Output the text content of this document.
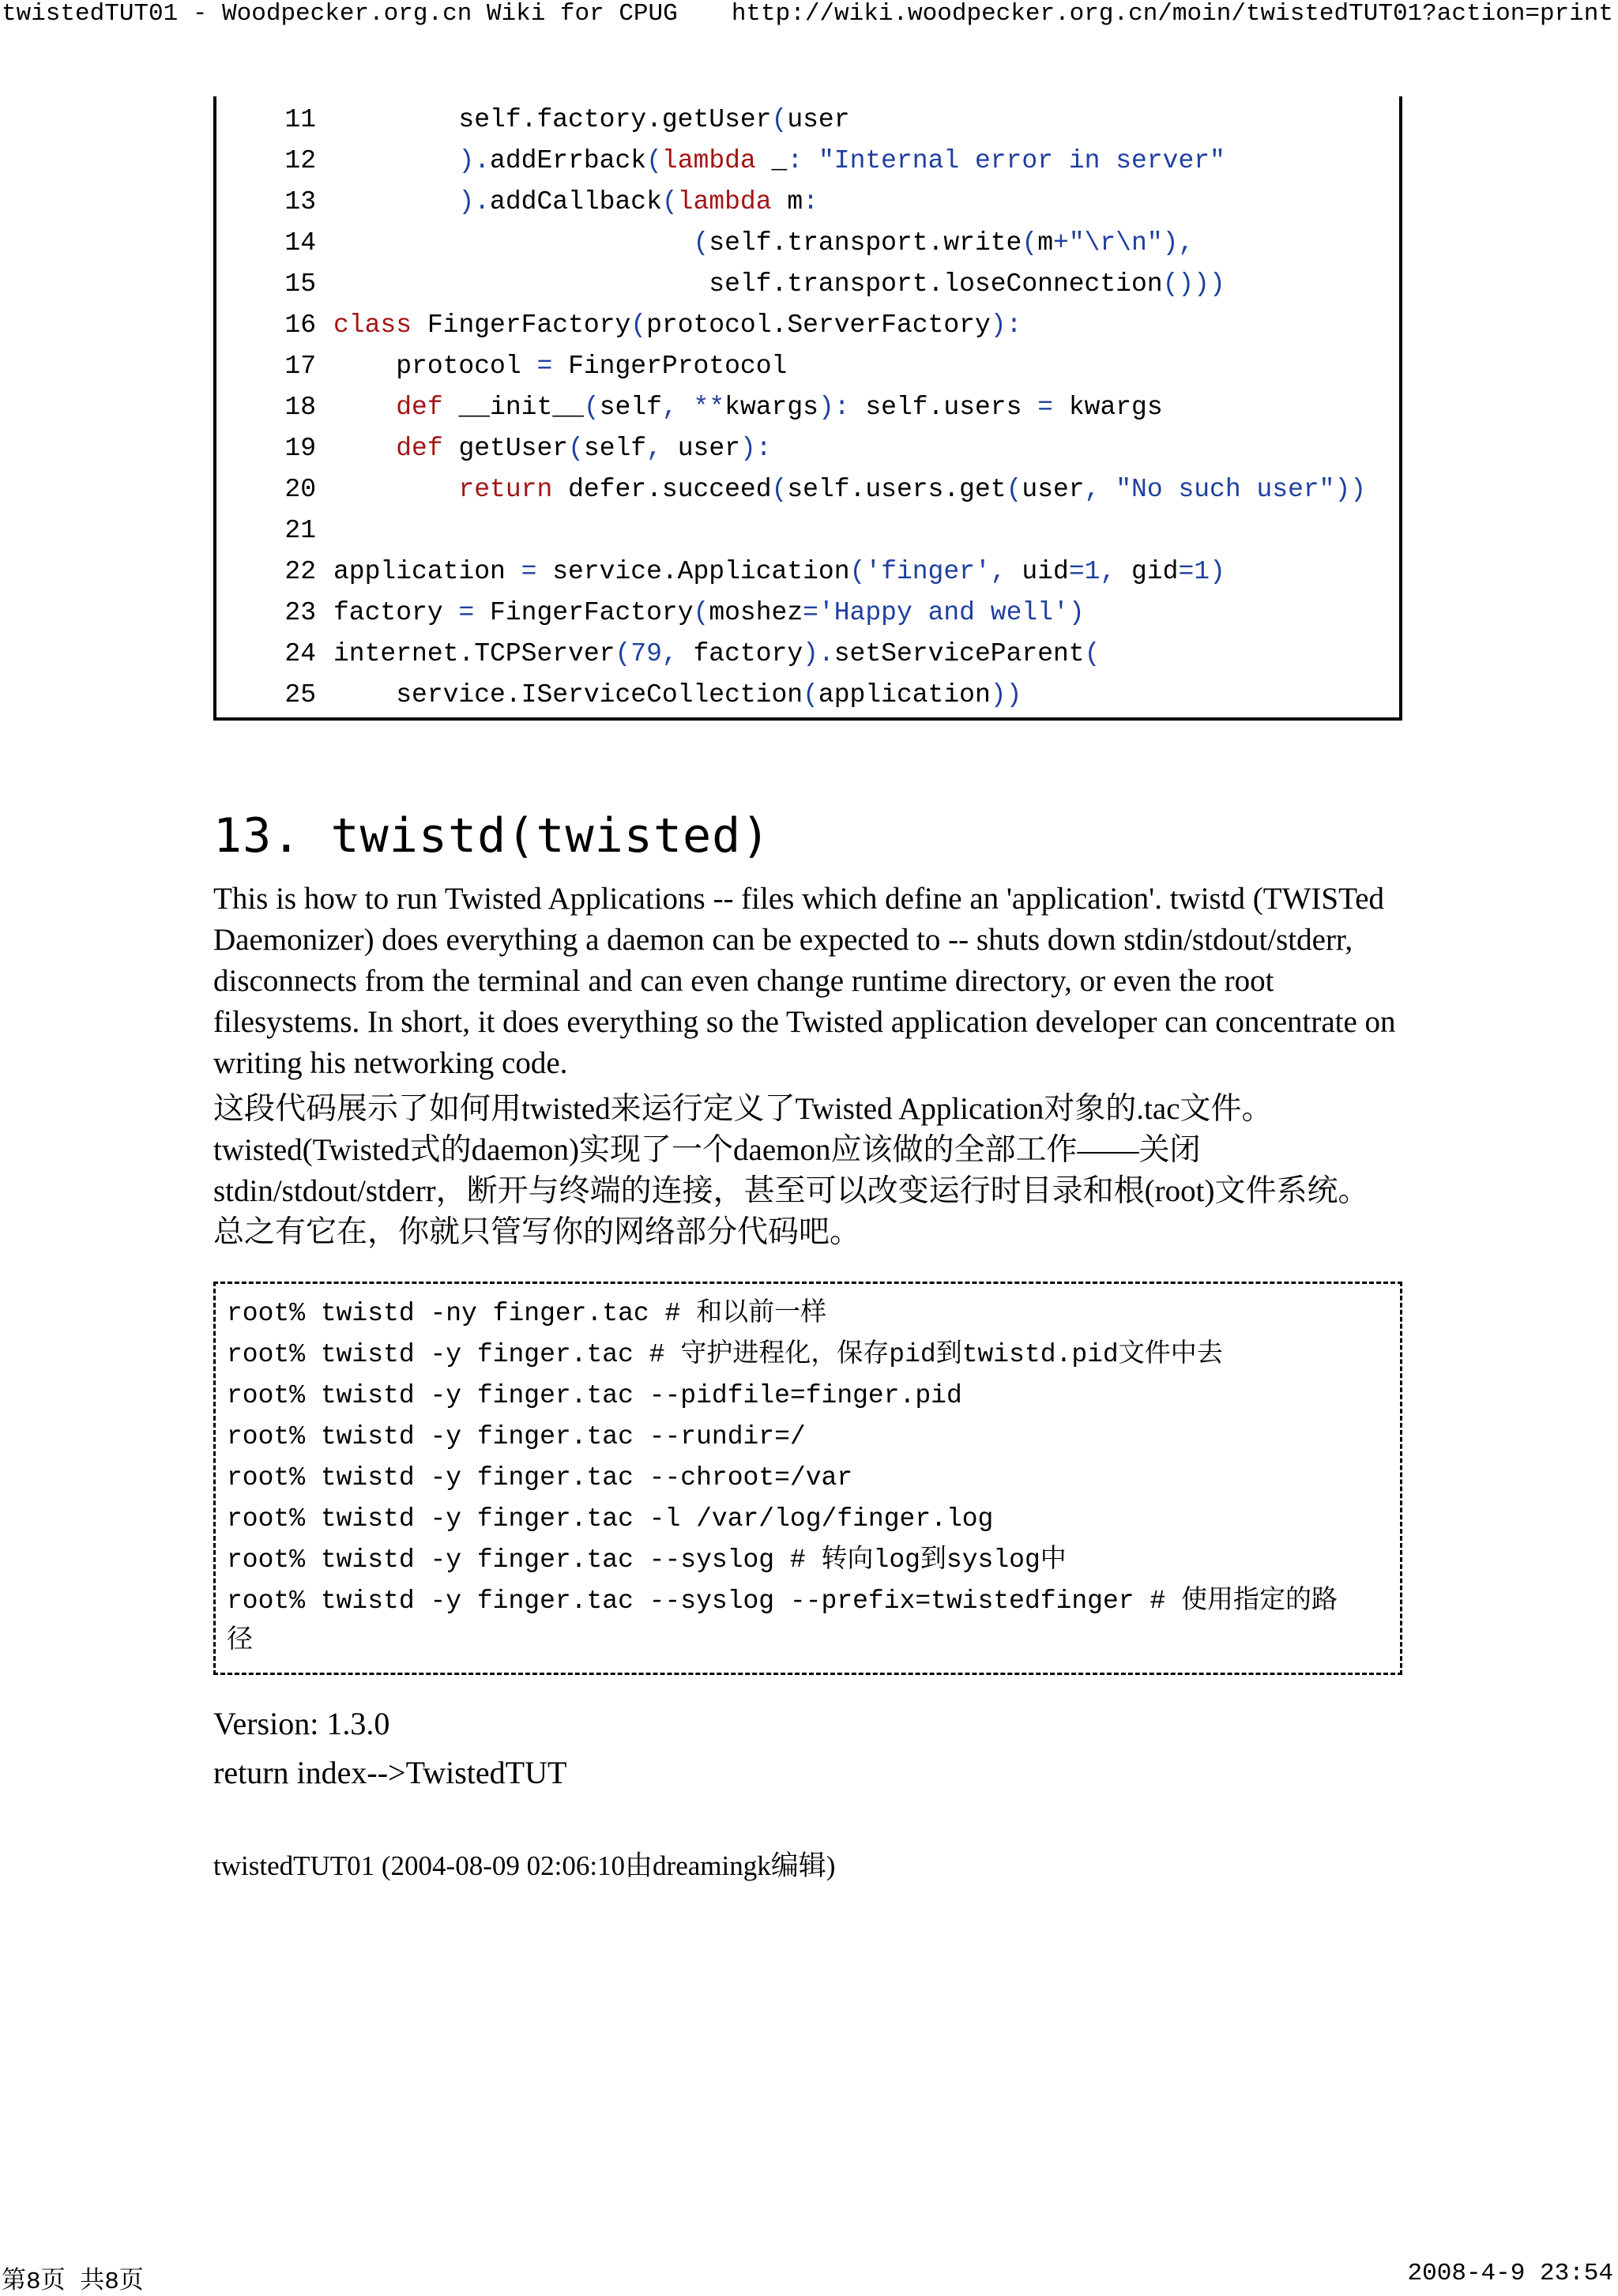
twistedTUT01 - Woodpecker.org.cn Wiki for CPUG http://wiki.woodpecker.org.cn/moin/twistedTUT01?action=print
11        self.factory.getUser(user
12	).addErrback(lambda _: "Internal error in server"
13	).addCallback(lambda m:
14	(self.transport.write(m+"\r\n"),
15                        self.transport.loseConnection()))
16 class FingerFactory(protocol.ServerFactory):
17    protocol = FingerProtocol
18	def __init__(self, **kwargs): self.users = kwargs
19	def getUser(self, user):
20	return defer.succeed(self.users.get(user, "No such user"))
21
22 application = service.Application('finger', uid=1, gid=1)
23 factory = FingerFactory(moshez='Happy and well')
24 internet.TCPServer(79, factory).setServiceParent(
25    service.IServiceCollection(application))
13. twistd(twisted)
This is how to run Twisted Applications -- files which define an 'application'. twistd (TWISTed Daemonizer) does everything a daemon can be expected to -- shuts down stdin/stdout/stderr, disconnects from the terminal and can even change runtime directory, or even the root filesystems. In short, it does everything so the Twisted application developer can concentrate on writing his networking code.
这段代码展示了如何用twisted来运行定义了Twisted Application对象的.tac文件。twisted(Twisted式的daemon)实现了一个daemon应该做的全部工作——关闭stdin/stdout/stderr，断开与终端的连接，甚至可以改变运行时目录和根(root)文件系统。总之有它在，你就只管写你的网络部分代码吧。
root% twistd -ny finger.tac # 和以前一样
root% twistd -y finger.tac # 守护进程化，保存pid到twistd.pid文件中去
root% twistd -y finger.tac --pidfile=finger.pid
root% twistd -y finger.tac --rundir=/
root% twistd -y finger.tac --chroot=/var
root% twistd -y finger.tac -l /var/log/finger.log
root% twistd -y finger.tac --syslog # 转向log到syslog中
root% twistd -y finger.tac --syslog --prefix=twistedfinger # 使用指定的路
径
Version: 1.3.0
return index-->TwistedTUT
twistedTUT01 (2004-08-09 02:06:10由dreamingk编辑)
第8页 共8页	2008-4-9 23:54
